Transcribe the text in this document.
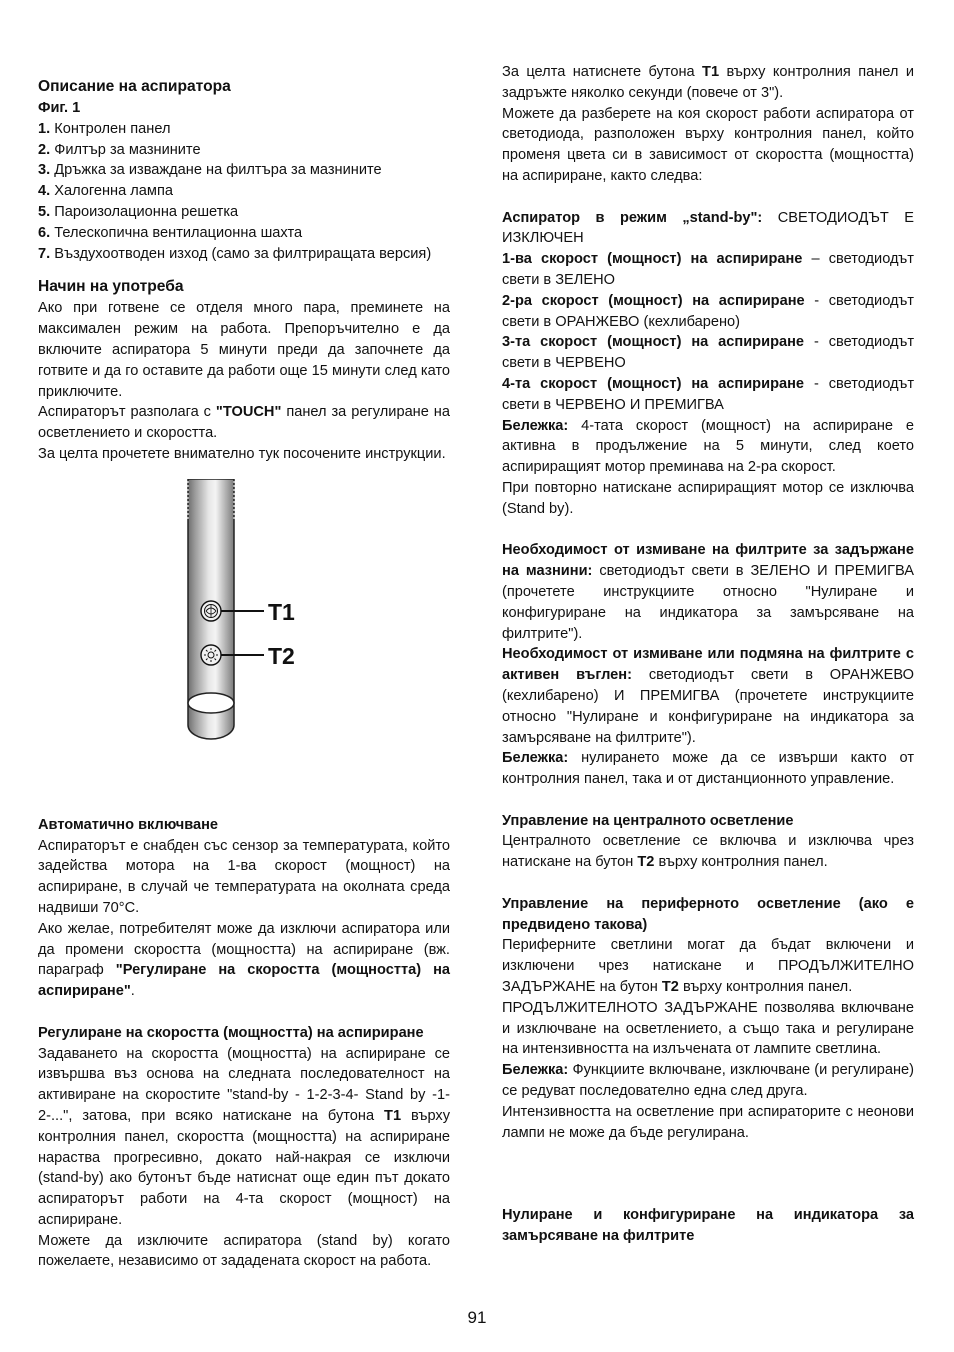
Описание на аспиратора

Фиг. 1

1. Контролен панел

2. Филтър за мазнините

3. Дръжка за изваждане на филтъра за мазнините

4. Халогенна лампа

5. Пароизолационна решетка

6. Телескопична вентилационна шахта

7. Въздухоотводен изход (само за филтриращата версия)

Начин на употреба

Ако при готвене се отделя много пара, преминете на максимален режим на работа. Препоръчително е да включите аспиратора 5 минути преди да започнете да готвите и да го оставите да работи още 15 минути след като приключите.

Аспираторът разполага с "TOUCH" панел за регулиране на осветлението и скоростта.

За целта прочетете внимателно тук посочените инструкции.

T1
T2

Автоматично включване

Аспираторът е снабден със сензор за температурата, който задейства мотора на 1-ва скорост (мощност) на аспириране, в случай че температурата на околната среда надвиши 70°C.

Ако желае, потребителят може да изключи аспиратора или да промени скоростта (мощността) на аспириране (вж. параграф "Регулиране на скоростта (мощността) на аспириране".

Регулиране на скоростта (мощността) на аспириране

Задаването на скоростта (мощността) на аспириране се извършва въз основа на следната последователност на активиране на скоростите "stand-by - 1-2-3-4- Stand by -1-2-...", затова, при всяко натискане на бутона T1 върху контролния панел, скоростта (мощността) на аспириране нараства прогресивно, докато най-накрая се изключи (stand-by) ако бутонът бъде натиснат още един път докато аспираторът работи на 4-та скорост (мощност) на аспириране.

Можете да изключите аспиратора (stand by) когато пожелаете, независимо от зададената скорост на работа.

За целта натиснете бутона T1 върху контролния панел и задръжте няколко секунди (повече от 3").

Можете да разберете на коя скорост работи аспиратора от светодиода, разположен върху контролния панел, който променя цвета си в зависимост от скоростта (мощността) на аспириране, както следва:

Аспиратор в режим „stand-by": СВЕТОДИОДЪТ Е ИЗКЛЮЧЕН

1-ва скорост (мощност) на аспириране – светодиодът свети в ЗЕЛЕНО

2-ра скорост (мощност) на аспириране - светодиодът свети в ОРАНЖЕВО (кехлибарено)

3-та скорост (мощност) на аспириране - светодиодът свети в ЧЕРВЕНО

4-та скорост (мощност) на аспириране - светодиодът свети в ЧЕРВЕНО И ПРЕМИГВА

Бележка: 4-тата скорост (мощност) на аспириране е активна в продължение на 5 минути, след което аспириращият мотор преминава на 2-ра скорост.

При повторно натискане аспириращият мотор се изключва (Stand by).

Необходимост от измиване на филтрите за задържане на мазнини: светодиодът свети в ЗЕЛЕНО И ПРЕМИГВА (прочетете инструкциите относно "Нулиране и конфигуриране на индикатора за замърсяване на филтрите").

Необходимост от измиване или подмяна на филтрите с активен въглен: светодиодът свети в ОРАНЖЕВО (кехлибарено) И ПРЕМИГВА (прочетете инструкциите относно "Нулиране и конфигуриране на индикатора за замърсяване на филтрите").

Бележка: нулирането може да се извърши както от контролния панел, така и от дистанционното управление.

Управление на централното осветление

Централното осветление се включва и изключва чрез натискане на бутон T2 върху контролния панел.

Управление на периферното осветление (ако е предвидено такова)

Периферните светлини могат да бъдат включени и изключени чрез натискане и ПРОДЪЛЖИТЕЛНО ЗАДЪРЖАНЕ на бутон T2 върху контролния панел.

ПРОДЪЛЖИТЕЛНОТО ЗАДЪРЖАНЕ позволява включване и изключване на осветлението, а също така и регулиране на интензивността на излъчената от лампите светлина.

Бележка: Функциите включване, изключване (и регулиране) се редуват последователно една след друга.

Интензивността на осветление при аспираторите с неонови лампи не може да бъде регулирана.

Нулиране и конфигуриране на индикатора за замърсяване на филтрите

91
